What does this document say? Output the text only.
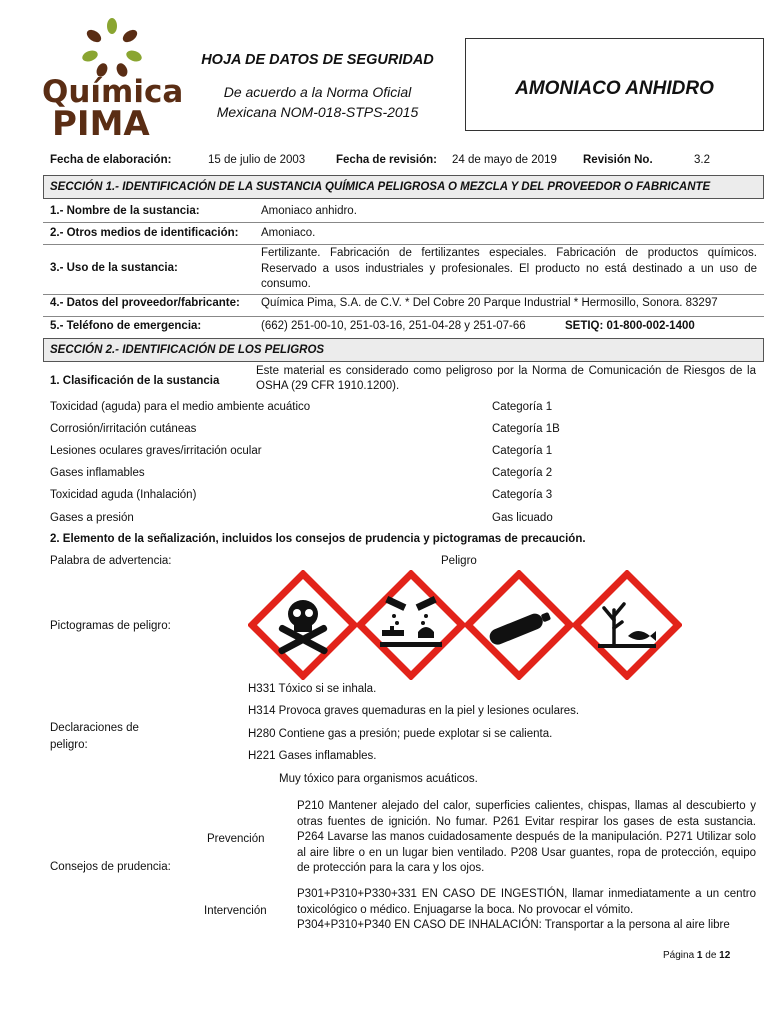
Química
PIMA
HOJA DE DATOS DE SEGURIDAD
De acuerdo a la Norma Oficial
Mexicana NOM-018-STPS-2015
AMONIACO ANHIDRO
Fecha de elaboración:	15 de julio de 2003	Fecha de revisión: 24 de mayo de 2019 Revisión No.	3.2
SECCIÓN 1.- IDENTIFICACIÓN DE LA SUSTANCIA QUÍMICA PELIGROSA O MEZCLA Y DEL PROVEEDOR O FABRICANTE
1.- Nombre de la sustancia:	Amoniaco anhidro.
2.- Otros medios de identificación: Amoniaco.
3.- Uso de la sustancia:
Fertilizante. Fabricación de fertilizantes especiales. Fabricación de productos químicos. Reservado a usos industriales y profesionales. El producto no está destinado a un uso de consumo.
4.- Datos del proveedor/fabricante: Química Pima, S.A. de C.V. * Del Cobre 20 Parque Industrial * Hermosillo, Sonora. 83297
5.- Teléfono de emergencia:	(662) 251-00-10, 251-03-16, 251-04-28 y 251-07-66	SETIQ: 01-800-002-1400
SECCIÓN 2.- IDENTIFICACIÓN DE LOS PELIGROS
1. Clasificación de la sustancia
Este material es considerado como peligroso por la Norma de Comunicación de Riesgos de la OSHA (29 CFR 1910.1200).
Toxicidad (aguda) para el medio ambiente acuático	Categoría 1
Corrosión/irritación cutáneas	Categoría 1B
Lesiones oculares graves/irritación ocular	Categoría 1
Gases inflamables	Categoría 2
Toxicidad aguda (Inhalación)	Categoría 3
Gases a presión	Gas licuado
2. Elemento de la señalización, incluidos los consejos de prudencia y pictogramas de precaución.
Palabra de advertencia:	Peligro
Pictogramas de peligro:
Declaraciones de peligro:
H331 Tóxico si se inhala.
H314 Provoca graves quemaduras en la piel y lesiones oculares.
H280 Contiene gas a presión; puede explotar si se calienta.
H221 Gases inflamables.
Muy tóxico para organismos acuáticos.
Consejos de prudencia:
Prevención
P210 Mantener alejado del calor, superficies calientes, chispas, llamas al descubierto y otras fuentes de ignición. No fumar. P261 Evitar respirar los gases de esta sustancia. P264 Lavarse las manos cuidadosamente después de la manipulación. P271 Utilizar solo al aire libre o en un lugar bien ventilado. P208 Usar guantes, ropa de protección, equipo de protección para la cara y los ojos.
Intervención
P301+P310+P330+331 EN CASO DE INGESTIÓN, llamar inmediatamente a un centro toxicológico o médico. Enjuagarse la boca. No provocar el vómito.
P304+P310+P340 EN CASO DE INHALACIÓN: Transportar a la persona al aire libre
Página 1 de 12
